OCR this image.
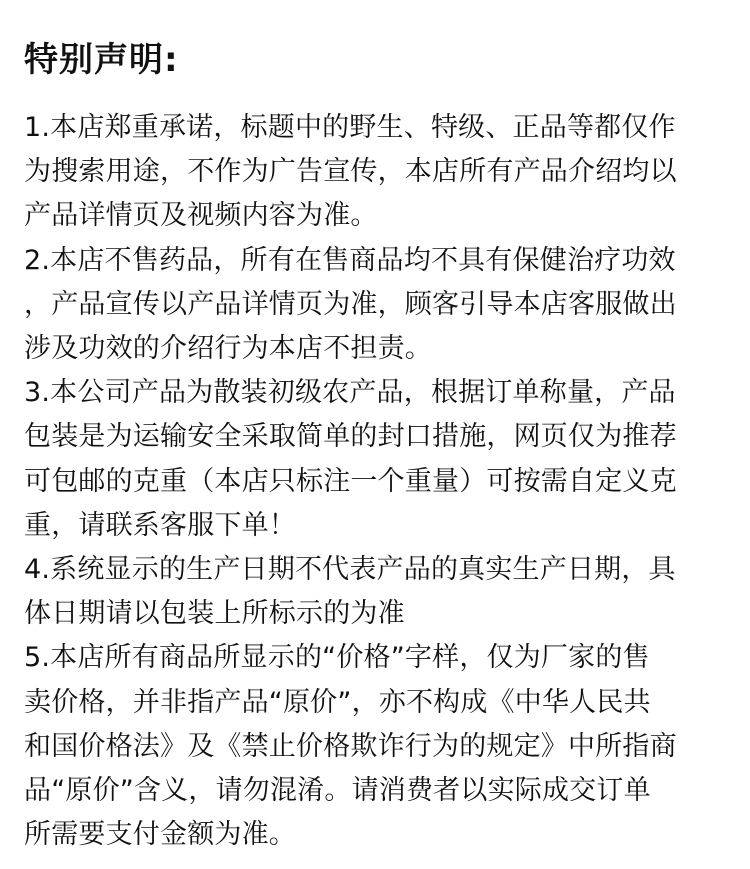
特别声明:
1.本店郑重承诺，标题中的野生、特级、正品等都仅作
为搜索用途，不作为广告宣传，本店所有产品介绍均以
产品详情页及视频内容为准。
2.本店不售药品，所有在售商品均不具有保健治疗功效
，产品宣传以产品详情页为准，顾客引导本店客服做出
涉及功效的介绍行为本店不担责。
3.本公司产品为散装初级农产品，根据订单称量，产品
包装是为运输安全采取简单的封口措施，网页仅为推荐
可包邮的克重（本店只标注一个重量）可按需自定义克
重，请联系客服下单！
4.系统显示的生产日期不代表产品的真实生产日期，具
体日期请以包装上所标示的为准
5.本店所有商品所显示的“价格”字样，仅为厂家的售
卖价格，并非指产品“原价”，亦不构成《中华人民共
和国价格法》及《禁止价格欺诈行为的规定》中所指商
品“原价”含义，请勿混淆。请消费者以实际成交订单
所需要支付金额为准。
